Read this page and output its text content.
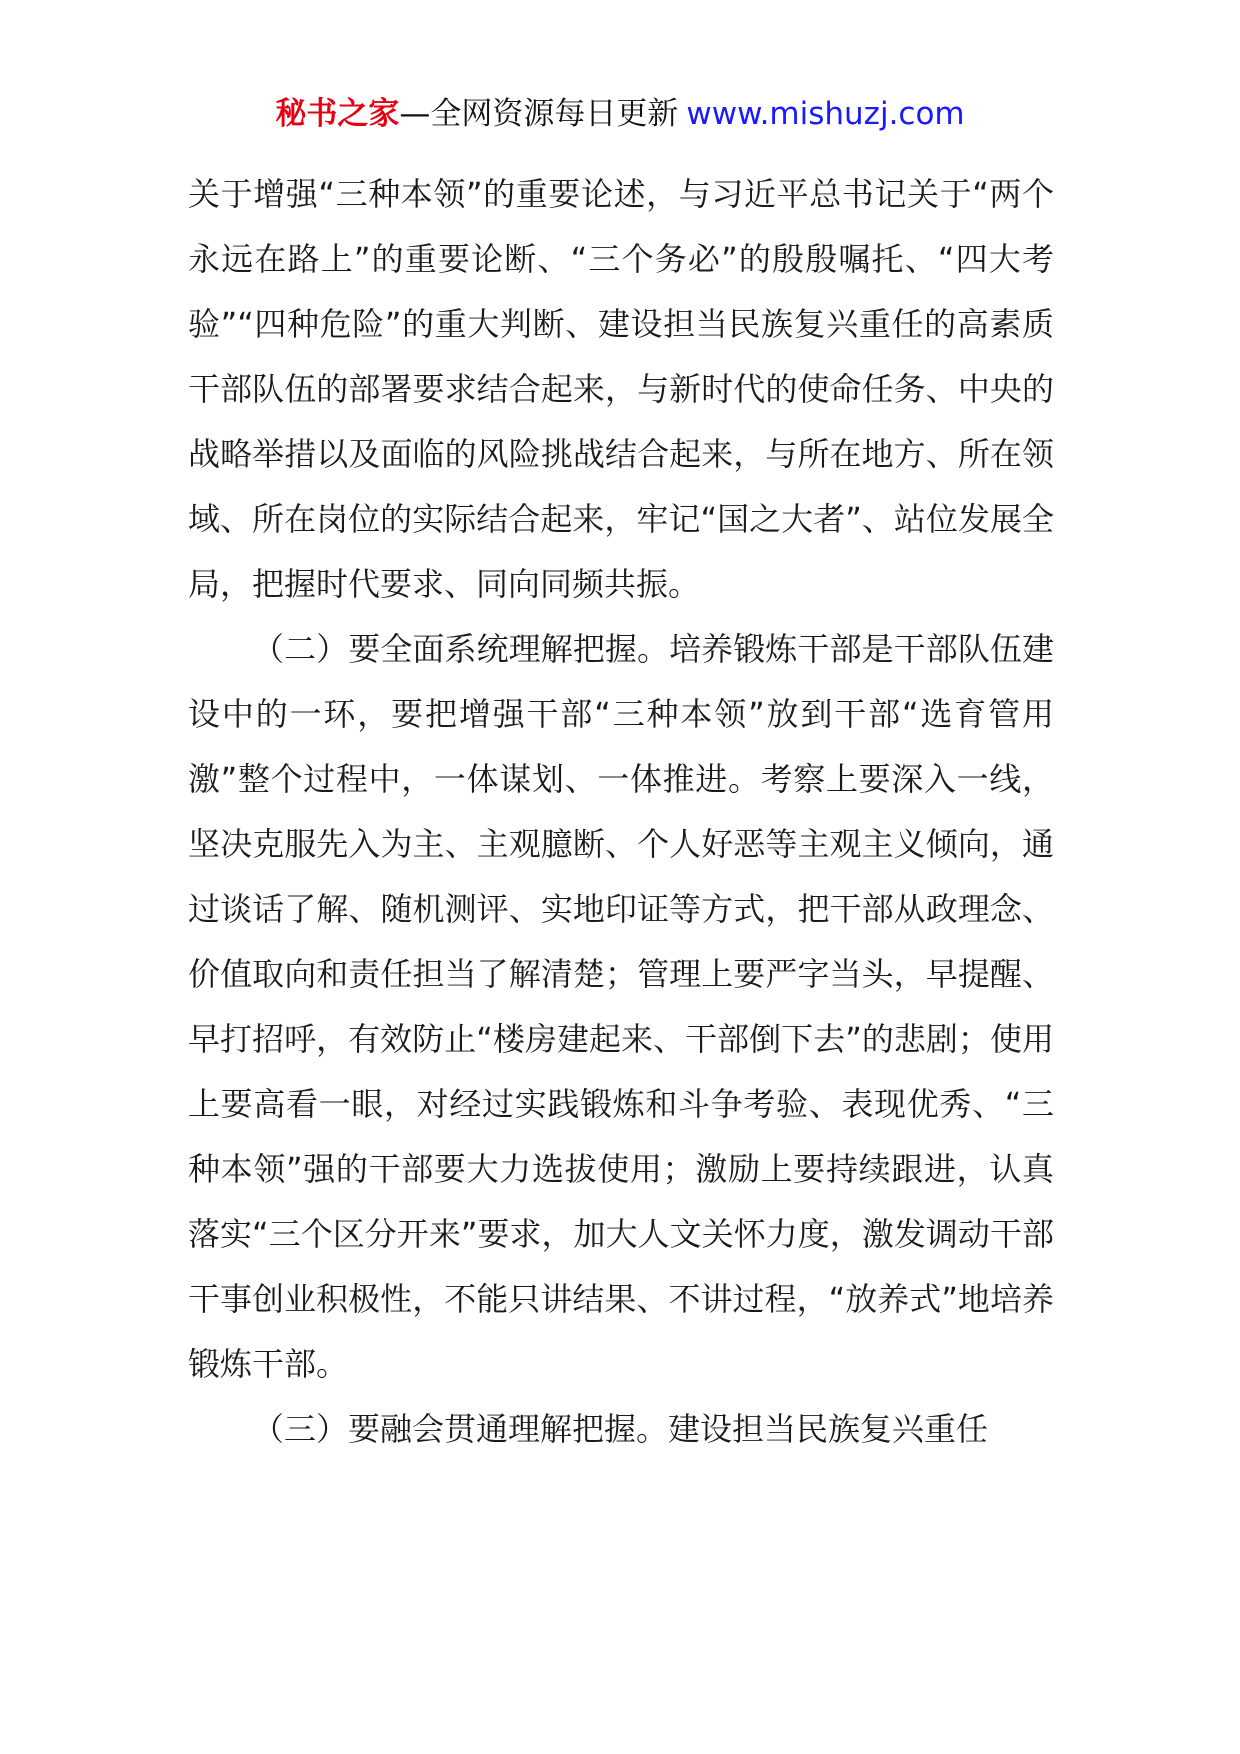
秘书之家—全网资源每日更新 www.mishuzj.com

关于增强“三种本领”的重要论述，与习近平总书记关于“两个永远在路上”的重要论断、“三个务必”的殷殷嘱托、“四大考验”“四种危险”的重大判断、建设担当民族复兴重任的高素质干部队伍的部署要求结合起来，与新时代的使命任务、中央的战略举措以及面临的风险挑战结合起来，与所在地方、所在领域、所在岗位的实际结合起来，牢记“国之大者”、站位发展全局，把握时代要求、同向同频共振。

（二）要全面系统理解把握。培养锻炼干部是干部队伍建设中的一环，要把增强干部“三种本领”放到干部“选育管用激”整个过程中，一体谋划、一体推进。考察上要深入一线，坚决克服先入为主、主观臆断、个人好恶等主观主义倾向，通过谈话了解、随机测评、实地印证等方式，把干部从政理念、价值取向和责任担当了解清楚；管理上要严字当头，早提醒、早打招呼，有效防止“楼房建起来、干部倒下去”的悲剧；使用上要高看一眼，对经过实践锻炼和斗争考验、表现优秀、“三种本领”强的干部要大力选拔使用；激励上要持续跟进，认真落实“三个区分开来”要求，加大人文关怀力度，激发调动干部干事创业积极性，不能只讲结果、不讲过程，“放养式”地培养锻炼干部。

（三）要融会贯通理解把握。建设担当民族复兴重任
